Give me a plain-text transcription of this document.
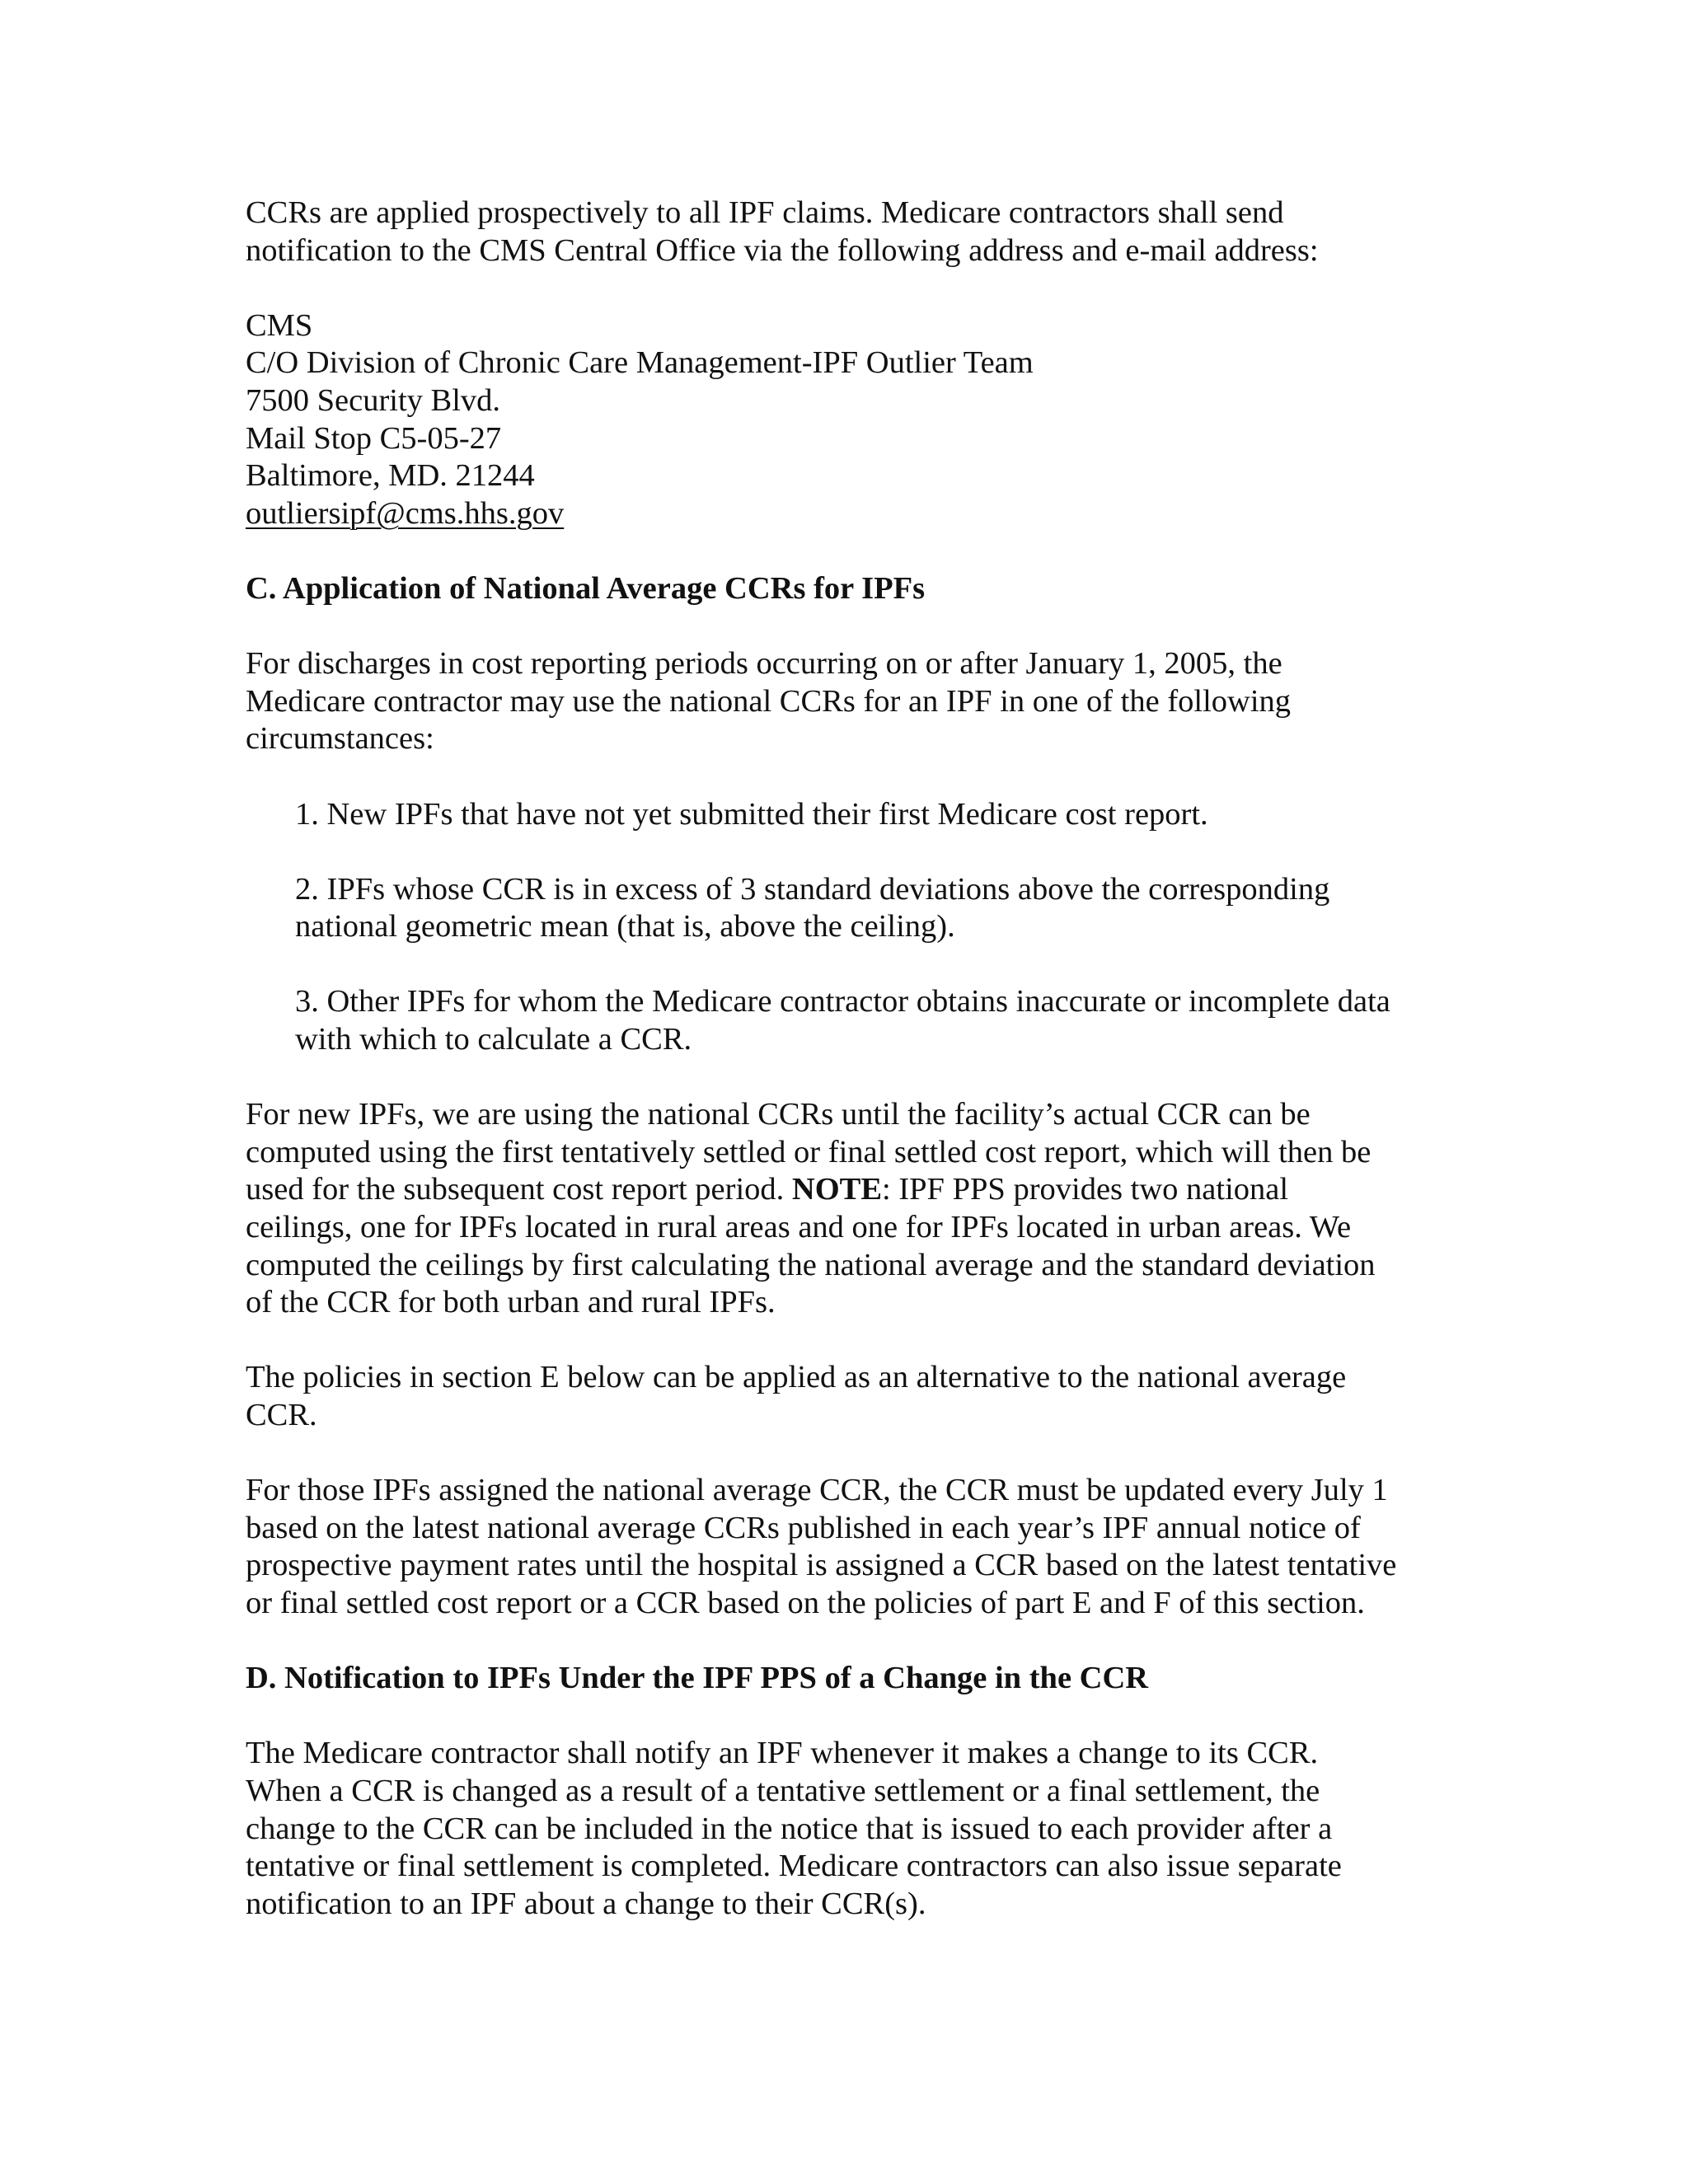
CCRs are applied prospectively to all IPF claims. Medicare contractors shall send

notification to the CMS Central Office via the following address and e-mail address:

CMS

C/O Division of Chronic Care Management-IPF Outlier Team

7500 Security Blvd.

Mail Stop C5-05-27

Baltimore, MD. 21244

outliersipf@cms.hhs.gov

C. Application of National Average CCRs for IPFs

For discharges in cost reporting periods occurring on or after January 1, 2005, the

Medicare contractor may use the national CCRs for an IPF in one of the following

circumstances:

1. New IPFs that have not yet submitted their first Medicare cost report.

2. IPFs whose CCR is in excess of 3 standard deviations above the corresponding

national geometric mean (that is, above the ceiling).

3. Other IPFs for whom the Medicare contractor obtains inaccurate or incomplete data

with which to calculate a CCR.

For new IPFs, we are using the national CCRs until the facility’s actual CCR can be

computed using the first tentatively settled or final settled cost report, which will then be

used for the subsequent cost report period. NOTE: IPF PPS provides two national

ceilings, one for IPFs located in rural areas and one for IPFs located in urban areas. We

computed the ceilings by first calculating the national average and the standard deviation

of the CCR for both urban and rural IPFs.

The policies in section E below can be applied as an alternative to the national average

CCR.

For those IPFs assigned the national average CCR, the CCR must be updated every July 1

based on the latest national average CCRs published in each year’s IPF annual notice of

prospective payment rates until the hospital is assigned a CCR based on the latest tentative

or final settled cost report or a CCR based on the policies of part E and F of this section.

D. Notification to IPFs Under the IPF PPS of a Change in the CCR

The Medicare contractor shall notify an IPF whenever it makes a change to its CCR.

When a CCR is changed as a result of a tentative settlement or a final settlement, the

change to the CCR can be included in the notice that is issued to each provider after a

tentative or final settlement is completed. Medicare contractors can also issue separate

notification to an IPF about a change to their CCR(s).
